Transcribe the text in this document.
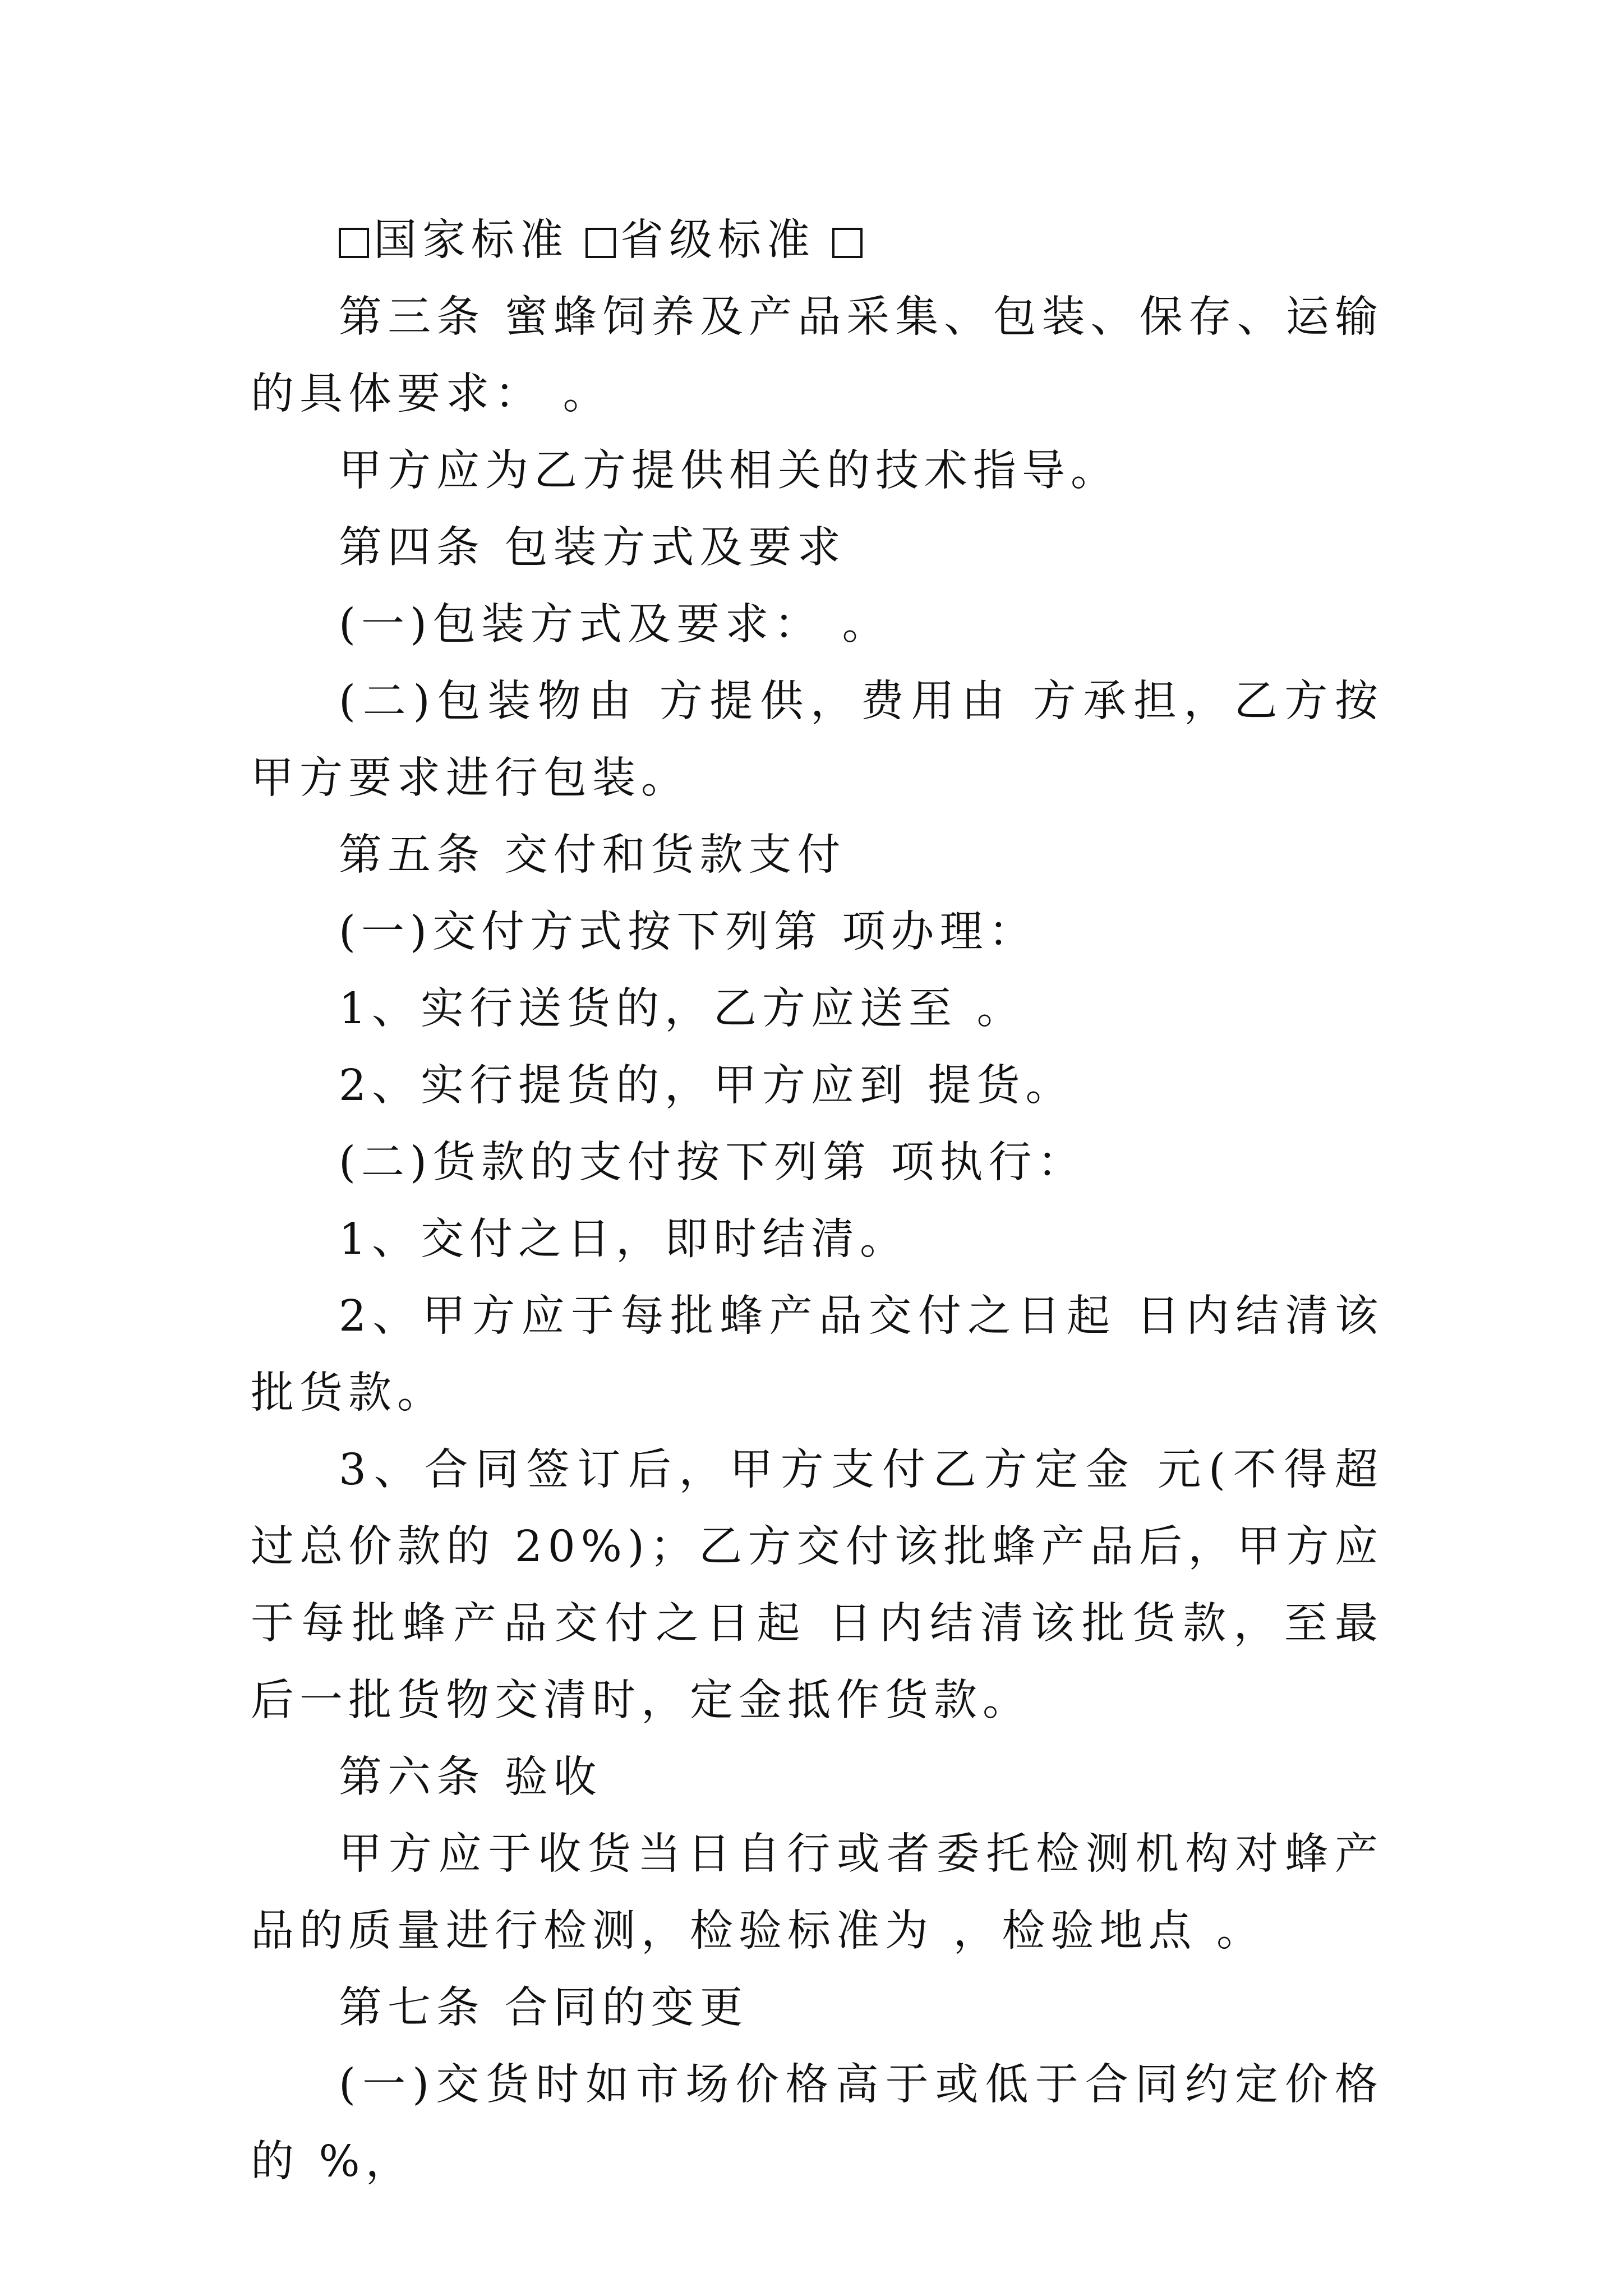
国家标准 省级标准

第三条 蜜蜂饲养及产品采集、包装、保存、运输的具体要求： 。

甲方应为乙方提供相关的技术指导。

第四条 包装方式及要求

(一)包装方式及要求： 。

(二)包装物由 方提供，费用由 方承担，乙方按甲方要求进行包装。

第五条 交付和货款支付

(一)交付方式按下列第 项办理：

1、实行送货的，乙方应送至 。

2、实行提货的，甲方应到 提货。

(二)货款的支付按下列第 项执行：

1、交付之日，即时结清。

2、甲方应于每批蜂产品交付之日起 日内结清该批货款。

3、合同签订后，甲方支付乙方定金 元(不得超过总价款的 20%)；乙方交付该批蜂产品后，甲方应于每批蜂产品交付之日起 日内结清该批货款，至最后一批货物交清时，定金抵作货款。

第六条 验收

甲方应于收货当日自行或者委托检测机构对蜂产品的质量进行检测，检验标准为 ，检验地点 。

第七条 合同的变更

(一)交货时如市场价格高于或低于合同约定价格的 %，
